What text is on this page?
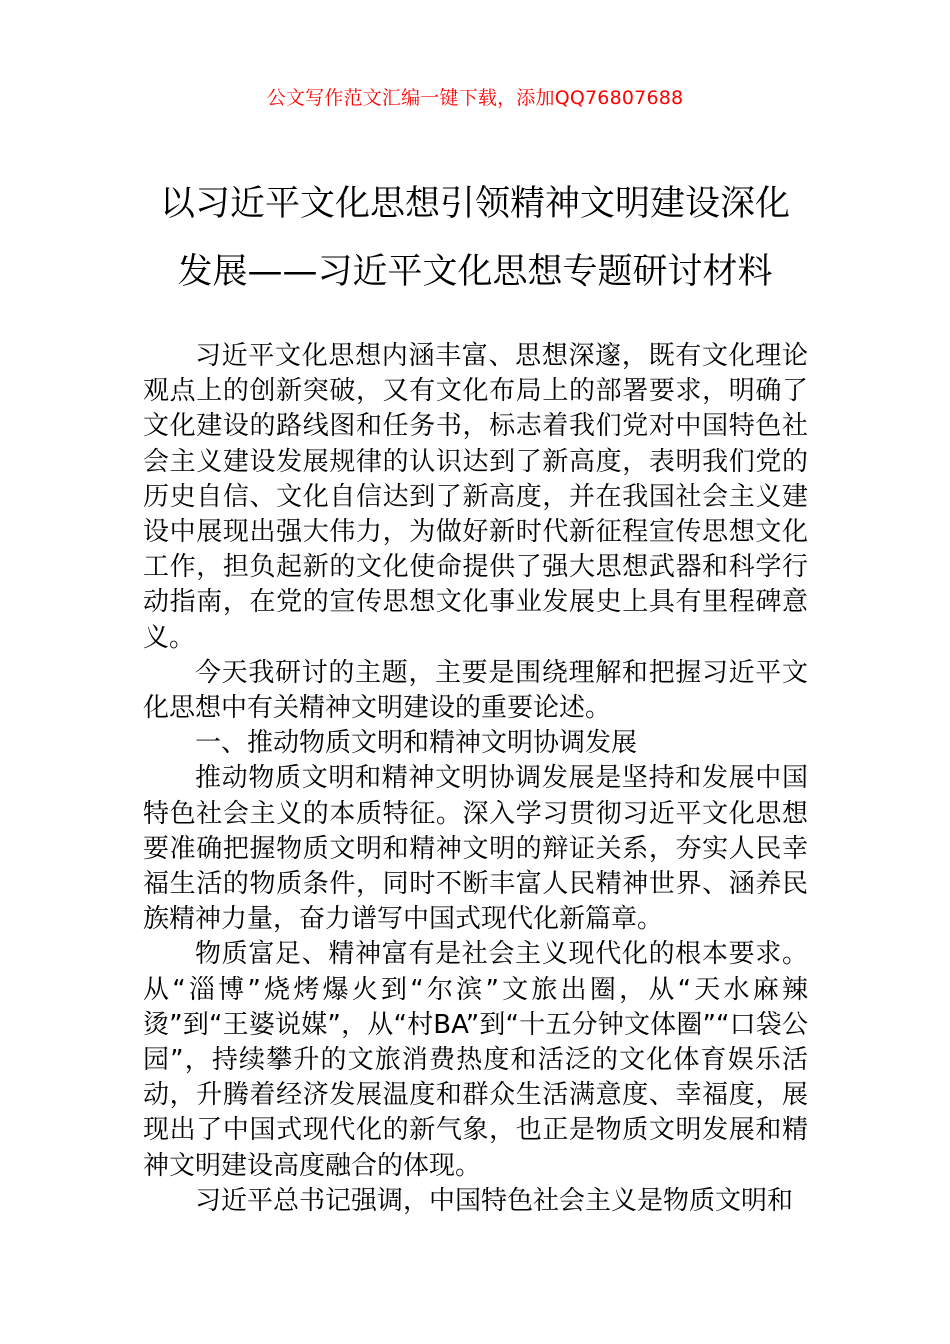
公文写作范文汇编一键下载，添加QQ76807688
以习近平文化思想引领精神文明建设深化
发展——习近平文化思想专题研讨材料

习近平文化思想内涵丰富、思想深邃，既有文化理论观点上的创新突破，又有文化布局上的部署要求，明确了文化建设的路线图和任务书，标志着我们党对中国特色社会主义建设发展规律的认识达到了新高度，表明我们党的历史自信、文化自信达到了新高度，并在我国社会主义建设中展现出强大伟力，为做好新时代新征程宣传思想文化工作，担负起新的文化使命提供了强大思想武器和科学行动指南，在党的宣传思想文化事业发展史上具有里程碑意义。

今天我研讨的主题，主要是围绕理解和把握习近平文化思想中有关精神文明建设的重要论述。

一、推动物质文明和精神文明协调发展

推动物质文明和精神文明协调发展是坚持和发展中国特色社会主义的本质特征。深入学习贯彻习近平文化思想要准确把握物质文明和精神文明的辩证关系，夯实人民幸福生活的物质条件，同时不断丰富人民精神世界、涵养民族精神力量，奋力谱写中国式现代化新篇章。

物质富足、精神富有是社会主义现代化的根本要求。从“淄博”烧烤爆火到“尔滨”文旅出圈，从“天水麻辣烫”到“王婆说媒”，从“村BA”到“十五分钟文体圈”“口袋公园”，持续攀升的文旅消费热度和活泛的文化体育娱乐活动，升腾着经济发展温度和群众生活满意度、幸福度，展现出了中国式现代化的新气象，也正是物质文明发展和精神文明建设高度融合的体现。

习近平总书记强调，中国特色社会主义是物质文明和
